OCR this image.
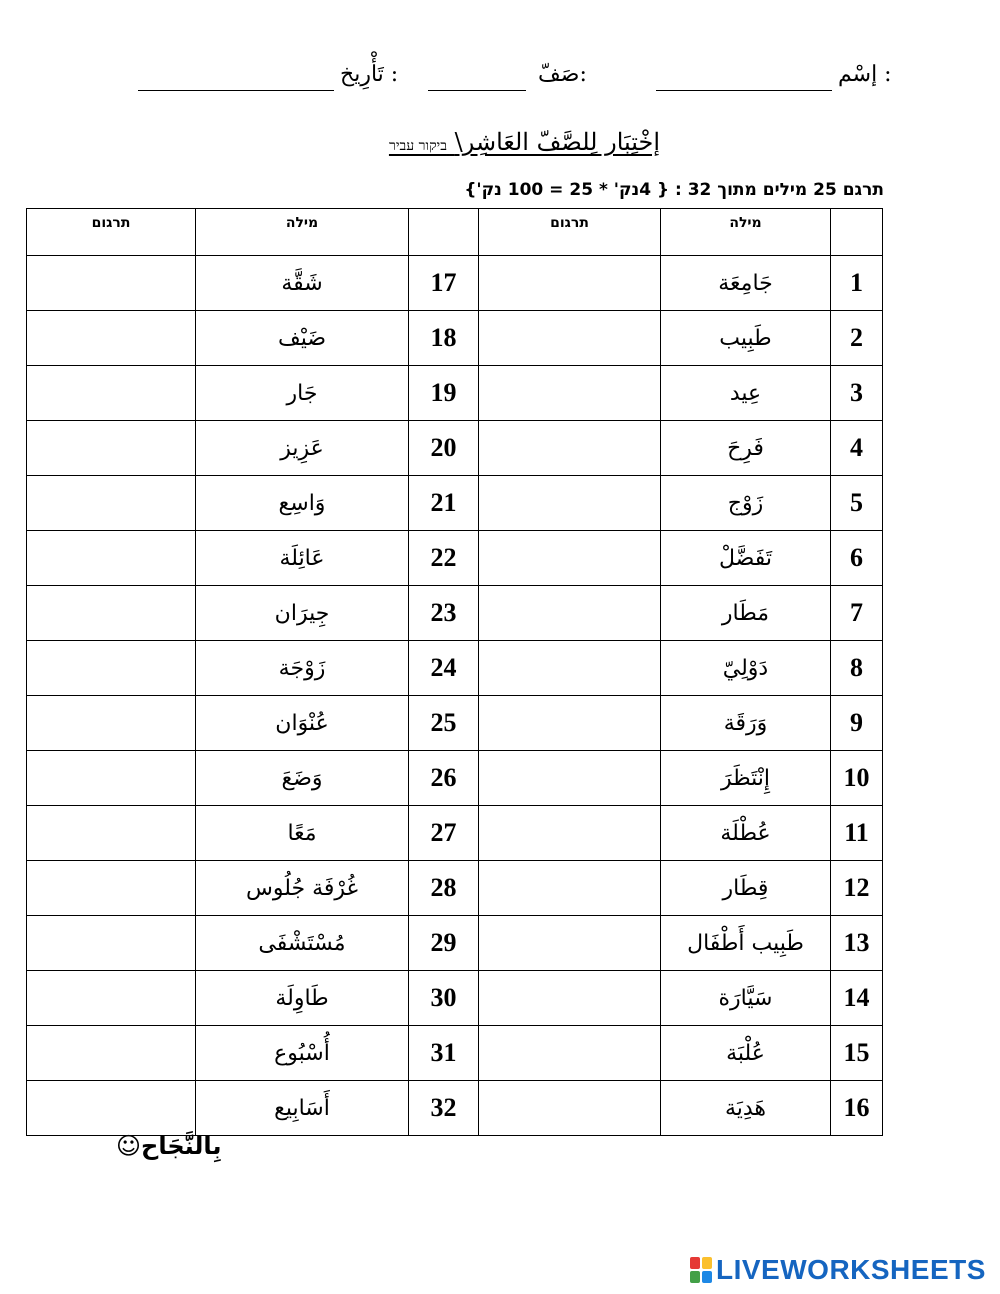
إسْم :
صَفّ:
تَأْرِيخ :
إخْتِبَار لِلصَّفّ العَاشِر\ ביקור עביר
תרגם 25 מילים מתוך 32 : { 4נק' * 25 = 100 נק'}
	מילה	תרגום		מילה	תרגום
1	جَامِعَة		17	شَقَّة	
2	طَبِيب		18	ضَيْف	
3	عِيد		19	جَار	
4	فَرِحَ		20	عَزِيز	
5	زَوْج		21	وَاسِع	
6	تَفَضَّلْ		22	عَائِلَة	
7	مَطَار		23	جِيرَان	
8	دَوْلِيّ		24	زَوْجَة	
9	وَرَقَة		25	عُنْوَان	
10	إِنْتَظَرَ		26	وَضَعَ	
11	عُطْلَة		27	مَعًا	
12	قِطَار		28	غُرْفَة جُلُوس	
13	طَبِيب أَطْفَال		29	مُسْتَشْفَى	
14	سَيَّارَة		30	طَاوِلَة	
15	عُلْبَة		31	أُسْبُوع	
16	هَدِيَة		32	أَسَابِيع	
بِالنَّجَاح☺
LIVEWORKSHEETS
